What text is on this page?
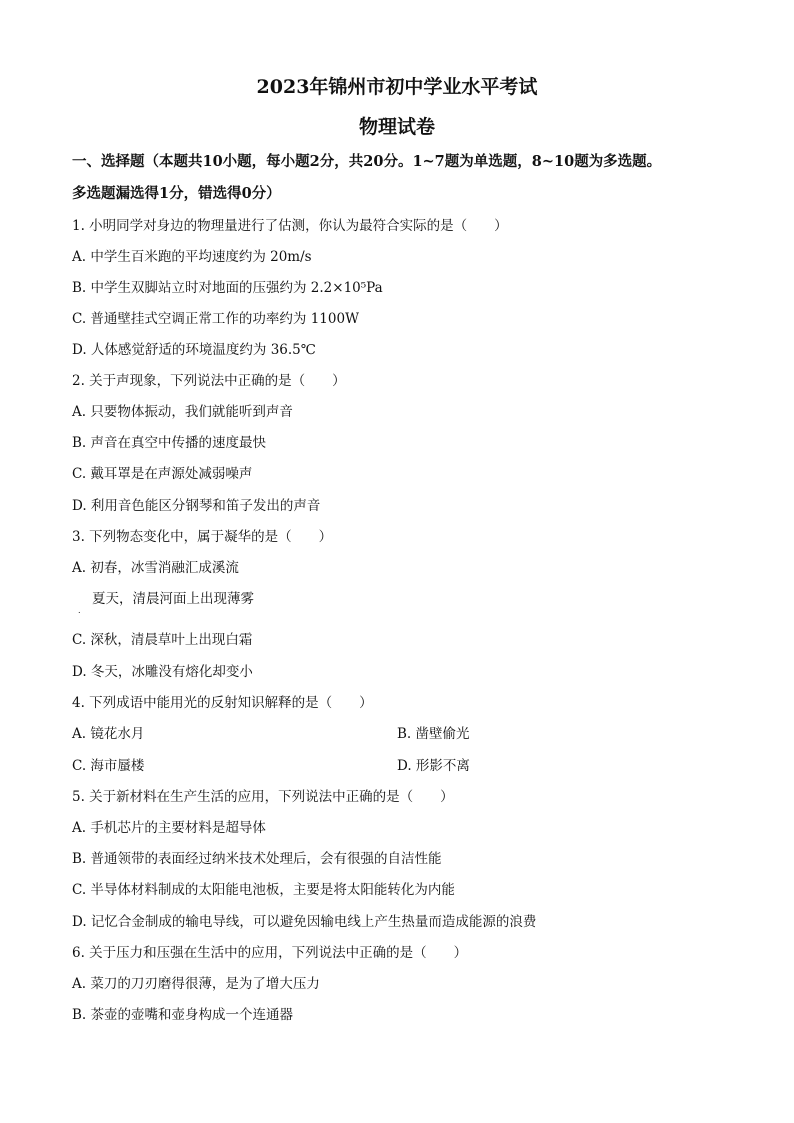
2023年锦州市初中学业水平考试
物理试卷
一、选择题（本题共10小题，每小题2分，共20分。1~7题为单选题，8~10题为多选题。
多选题漏选得1分，错选得0分）
1. 小明同学对身边的物理量进行了估测，你认为最符合实际的是（　　）
A. 中学生百米跑的平均速度约为 20m/s
B. 中学生双脚站立时对地面的压强约为 2.2×10⁵Pa
C. 普通壁挂式空调正常工作的功率约为 1100W
D. 人体感觉舒适的环境温度约为 36.5℃
2. 关于声现象，下列说法中正确的是（　　）
A. 只要物体振动，我们就能听到声音
B. 声音在真空中传播的速度最快
C. 戴耳罩是在声源处减弱噪声
D. 利用音色能区分钢琴和笛子发出的声音
3. 下列物态变化中，属于凝华的是（　　）
A. 初春，冰雪消融汇成溪流
夏天，清晨河面上出现薄雾
.
C. 深秋，清晨草叶上出现白霜
D. 冬天，冰雕没有熔化却变小
4. 下列成语中能用光的反射知识解释的是（　　）
A. 镜花水月	B. 凿壁偷光
C. 海市蜃楼	D. 形影不离
5. 关于新材料在生产生活的应用，下列说法中正确的是（　　）
A. 手机芯片的主要材料是超导体
B. 普通领带的表面经过纳米技术处理后，会有很强的自洁性能
C. 半导体材料制成的太阳能电池板，主要是将太阳能转化为内能
D. 记忆合金制成的输电导线，可以避免因输电线上产生热量而造成能源的浪费
6. 关于压力和压强在生活中的应用，下列说法中正确的是（　　）
A. 菜刀的刀刃磨得很薄，是为了增大压力
B. 茶壶的壶嘴和壶身构成一个连通器
